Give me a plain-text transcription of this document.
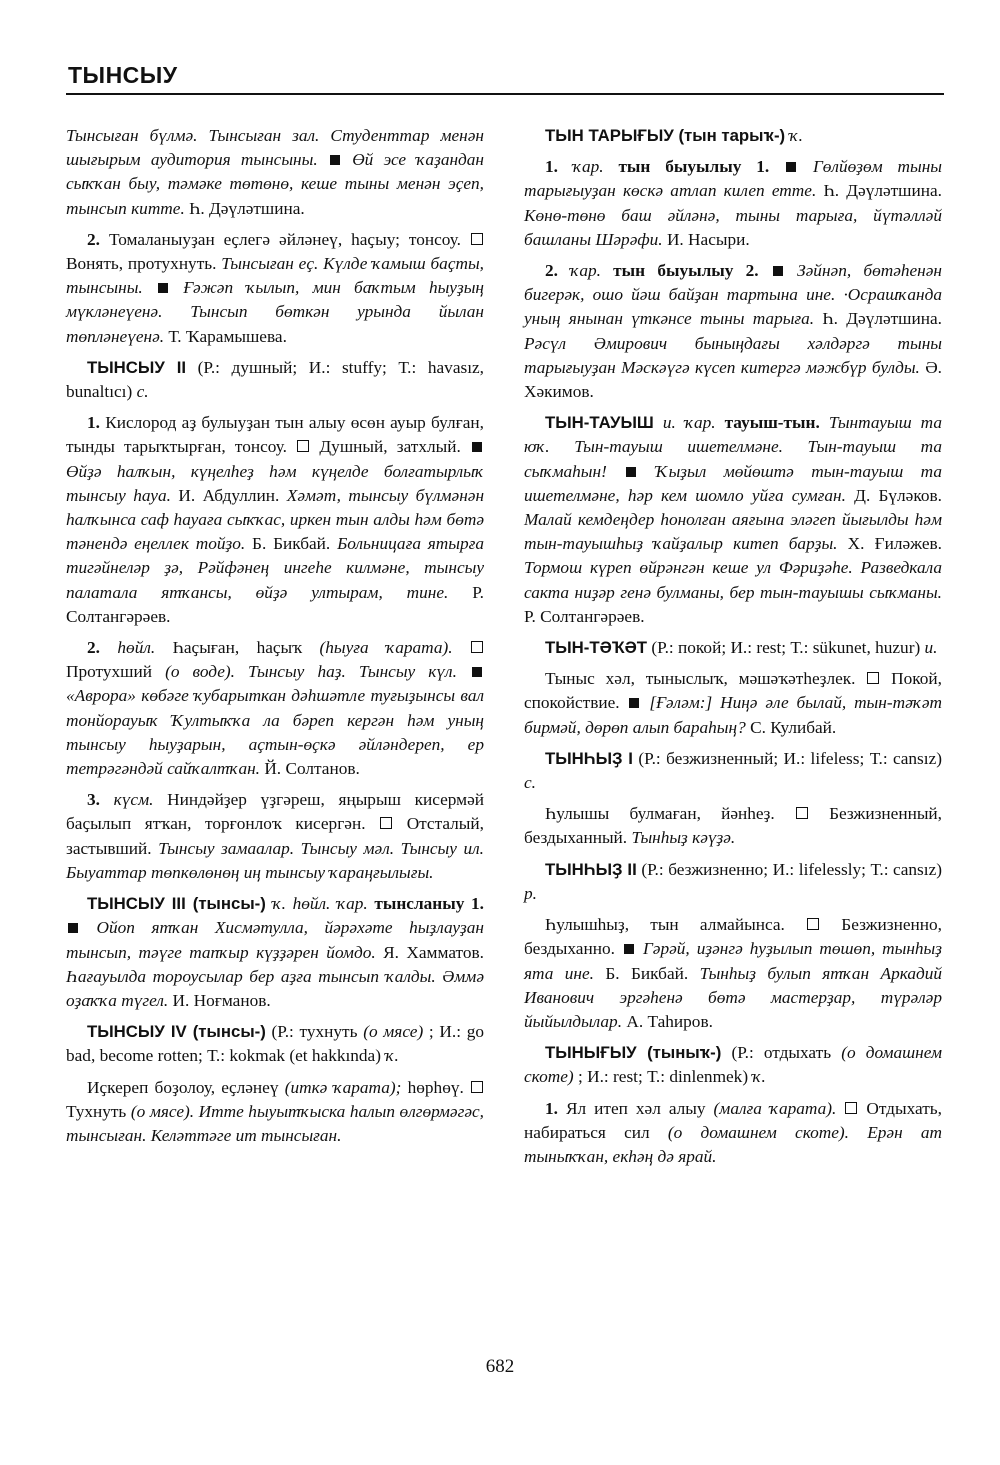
ТЫНСЫУ

Тынсыған бүлмә. Тынсыған зал. Студенттар менән шығырым аудитория тынсыны. Өй эсе ҡаҙандан сыҡҡан быу, тәмәке төтөнө, кеше тыны менән эҫеп, тынсып китте. Һ. Дәүләтшина.

2. Томаланыуҙан еҫлегә әйләнеү, һаҫыу; тонсоу.  Вонять, протухнуть. Тынсыған еҫ. Күлде ҡамыш баҫты, тынсыны. Ғәжәп ҡылып, мин баҡтым һыуҙың мүкләнеүенә. Тынсып бөткән урында йылан төпләнеүенә. Т. Ҡарамышева.

ТЫНСЫУ II (Р.: душный; И.: stuffy; Т.: havasız, bunaltıcı) с.

1. Кислород аҙ булыуҙан тын алыу өсөн ауыр булған, тынды тарыҡтырған, тонсоу. Душный, затхлый.  Өйҙә һалҡын, күңелһеҙ һәм күңелде болғатырлыҡ тынсыу һауа. И. Абдуллин. Хәмәт, тынсыу бүлмәнән һалҡынса саф һауаға сыҡҡас, иркен тын алды һәм бөтә тәнендә еңеллек тойҙо. Б. Бикбай. Больницаға ятырға тигәйнеләр ҙә, Рәйфәнең ингеһе килмәне, тынсыу палатала ятҡансы, өйҙә ултырам, тине. Р. Солтангәрәев.

2. һөйл. Һаҫыған, һаҫыҡ (һыуға ҡарата).  Протухший (о воде). Тынсыу һаҙ. Тынсыу күл.  «Аврора» көбәге ҡубарыткан дәһшәтле туғыҙынсы вал тонйорауыҡ Ҡултыҡҡа ла бәреп кергән һәм уның тынсыу һыуҙарын, аҫтын-өҫкә әйләндереп, ер тетрәгәндәй сайҡалтҡан. Й. Солтанов.

3. күсм. Ниндәйҙер үҙгәреш, яңырыш кисермәй баҫылып ятҡан, торғонлоҡ кисергән. Отсталый, застывший. Тынсыу замаалар. Тынсыу мәл. Тынсыу ил. Быуаттар төпкөлөнөң иң тынсыу ҡараңғылығы.

ТЫНСЫУ III (тынсы-) ҡ. һөйл. ҡар. тынсланыу 1.  Ойоп ятҡан Хисмәтулла, йәрәхәте һыҙлауҙан тынсып, тәүге тапҡыр күҙҙәрен йомдо. Я. Хамматов. Һағауылда тороусылар бер аҙға тынсып ҡалды. Әммә оҙаҡҡа түгел. И. Ноғманов.

ТЫНСЫУ IV (тынсы-) (Р.: тухнуть (о мясе) ; И.: go bad, become rotten; Т.: kokmak (et hakkında) ҡ.

Иҫкереп боҙолоу, еҫләнеү (иткә ҡарата); һөрһөү.  Тухнуть (о мясе). Итте һыуытҡыска һалып өлгөрмәгәс, тынсыған. Келәттәге ит тынсыған.

ТЫН ТАРЫҒЫУ (тын тарыҡ-) ҡ.

1. ҡар. тын быуылыу 1.	Гөлйөҙөм тыны тарығыуҙан көскә атлап килеп етте. Һ. Дәүләтшина. Көнө-төнө баш әйләнә, тыны тарыға, йүтәлләй башланы Шәрәфи. И. Насыри.

2. ҡар. тын быуылыу 2. Зәйнәп, бөтәһенән бигерәк, ошо йәш байҙан тартына ине. ·Осрашҡанда уның янынан үткәнсе тыны тарыға. Һ. Дәүләтшина. Рәсүл Әмирович быныңдағы хәлдәргә тыны тарығыуҙан Мәскәүгә күсеп китергә мәжбүр булды. Ә. Хәкимов.

ТЫН-ТАУЫШ и. ҡар. тауыш-тын. Тынтауыш та юҡ. Тын-тауыш ишетелмәне. Тын-тауыш та сыҡмаһын!	Ҡыҙыл мөйөштә тын-тауыш та ишетелмәне, һәр кем шомло уйға сумған. Д. Бүләков. Малай кемдеңдер һонолған аяғына эләгеп йығылды һәм тын-тауышһыҙ ҡайҙалыр китеп барҙы. Х. Ғиләжев. Тормош күреп өйрәнгән кеше ул Фәриҙәһе. Разведкала сакта ниҙәр генә булманы, бер тын-тауышы сыҡманы. Р. Солтангәрәев.

ТЫН-ТӘҠӘТ (Р.: покой; И.: rest; Т.: sükunet, huzur) и.

Тыныс хәл, тыныслыҡ, мәшәҡәтһеҙлек. Покой, спокойствие. [Ғәләм:] Ниңә әле былай, тын-тәҡәт бирмәй, дөрөп алып бараһың? С. Кулибай.

ТЫНҺЫҘ I (Р.: безжизненный; И.: lifeless; Т.: cansız) с.

Һулышы булмаған, йәнһеҙ.	Безжизненный, бездыханный. Тынһыҙ кәүҙә.

ТЫНҺЫҘ II (Р.: безжизненно; И.: lifelessly; Т.: cansız) р.

Һулышһыҙ, тын алмайынса.	Безжизненно, бездыханно. Гәрәй, иҙәнгә һуҙылып төшөп, тынһыҙ ята ине. Б. Бикбай. Тынһыҙ булып ятҡан Аркадий Иванович эргәһенә бөтә мастерҙар, түрәләр йыйылдылар. А. Таһиров.

ТЫНЫҒЫУ (тыныҡ-) (Р.: отдыхать (о домашнем скоте) ; И.: rest; Т.: dinlenmek) ҡ.

1. Ял итеп хәл алыу (малға ҡарата). Отдыхать, набираться сил (о домашнем скоте). Ерән ат тыныҡҡан, екһәң дә ярай.

682
